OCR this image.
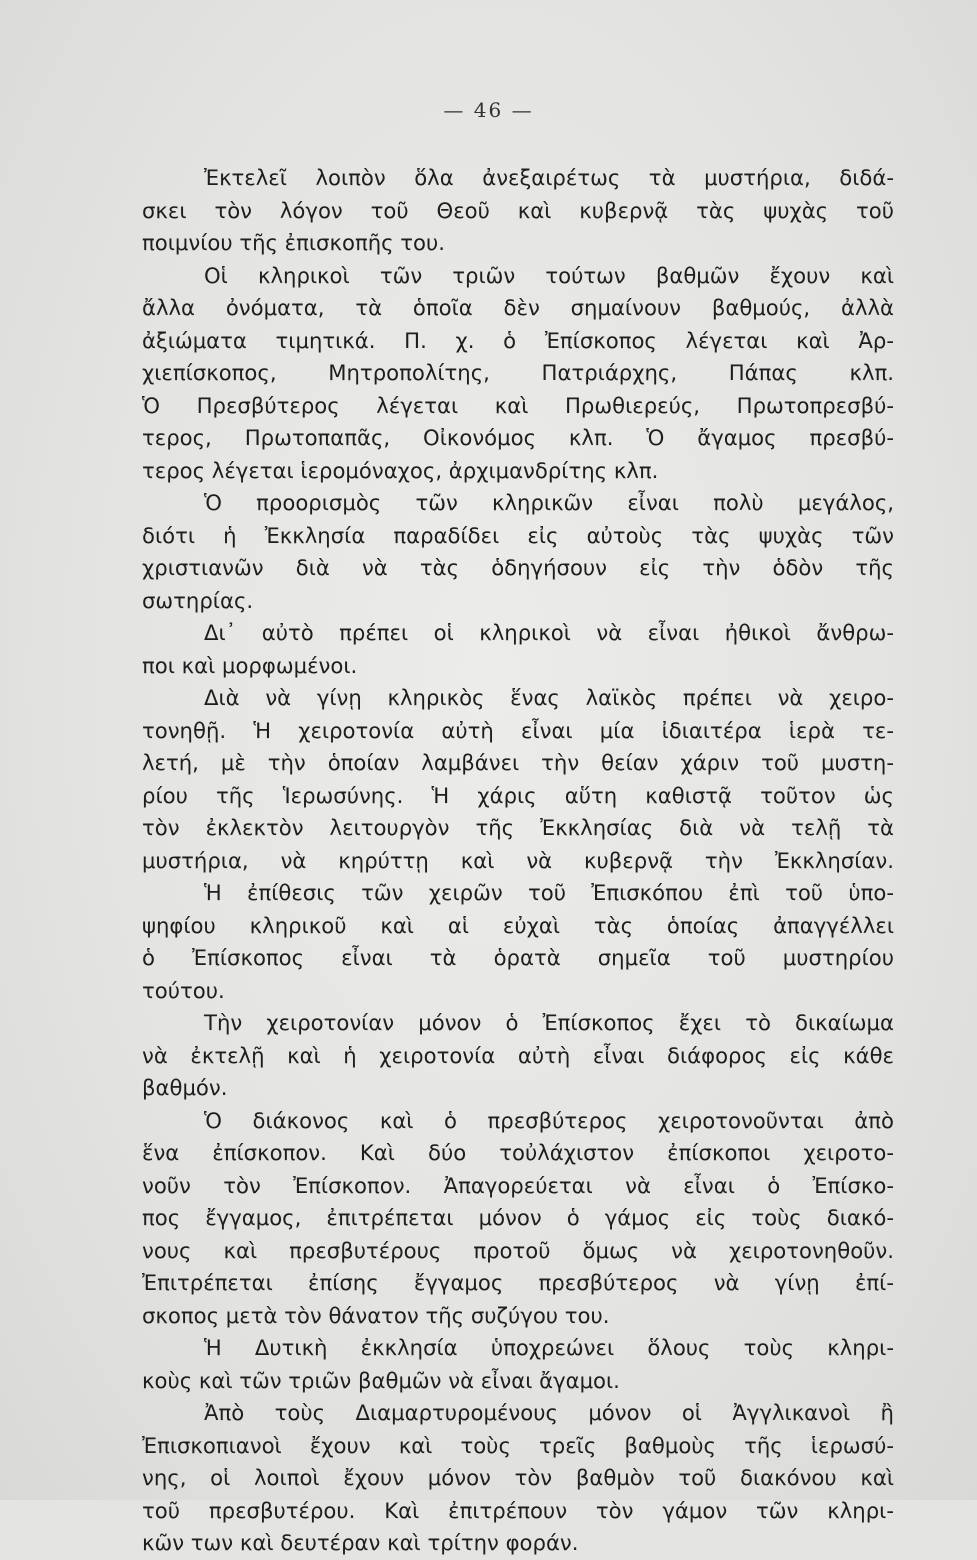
— 46 —
Ἐκτελεῖ λοιπὸν ὅλα ἀνεξαιρέτως τὰ μυστήρια, διδά-
σκει τὸν λόγον τοῦ Θεοῦ καὶ κυβερνᾷ τὰς ψυχὰς τοῦ
ποιμνίου τῆς ἐπισκοπῆς του.
Οἱ κληρικοὶ τῶν τριῶν τούτων βαθμῶν ἔχουν καὶ
ἄλλα ὀνόματα, τὰ ὁποῖα δὲν σημαίνουν βαθμούς, ἀλλὰ
ἀξιώματα τιμητικά. Π. χ. ὁ Ἐπίσκοπος λέγεται καὶ Ἀρ-
χιεπίσκοπος, Μητροπολίτης, Πατριάρχης, Πάπας κλπ.
Ὁ Πρεσβύτερος λέγεται καὶ Πρωθιερεύς, Πρωτοπρεσβύ-
τερος, Πρωτοπαπᾶς, Οἰκονόμος κλπ. Ὁ ἄγαμος πρεσβύ-
τερος λέγεται ἱερομόναχος, ἀρχιμανδρίτης κλπ.
Ὁ προορισμὸς τῶν κληρικῶν εἶναι πολὺ μεγάλος,
διότι ἡ Ἐκκλησία παραδίδει εἰς αὐτοὺς τὰς ψυχὰς τῶν
χριστιανῶν διὰ νὰ τὰς ὁδηγήσουν εἰς τὴν ὁδὸν τῆς
σωτηρίας.
Δι᾿ αὐτὸ πρέπει οἱ κληρικοὶ νὰ εἶναι ἠθικοὶ ἄνθρω-
ποι καὶ μορφωμένοι.
Διὰ νὰ γίνῃ κληρικὸς ἕνας λαϊκὸς πρέπει νὰ χειρο-
τονηθῇ. Ἡ χειροτονία αὐτὴ εἶναι μία ἰδιαιτέρα ἱερὰ τε-
λετή, μὲ τὴν ὁποίαν λαμβάνει τὴν θείαν χάριν τοῦ μυστη-
ρίου τῆς Ἱερωσύνης. Ἡ χάρις αὕτη καθιστᾷ τοῦτον ὡς
τὸν ἐκλεκτὸν λειτουργὸν τῆς Ἐκκλησίας διὰ νὰ τελῇ τὰ
μυστήρια, νὰ κηρύττῃ καὶ νὰ κυβερνᾷ τὴν Ἐκκλησίαν.
Ἡ ἐπίθεσις τῶν χειρῶν τοῦ Ἐπισκόπου ἐπὶ τοῦ ὑπο-
ψηφίου κληρικοῦ καὶ αἱ εὐχαὶ τὰς ὁποίας ἀπαγγέλλει
ὁ Ἐπίσκοπος εἶναι τὰ ὁρατὰ σημεῖα τοῦ μυστηρίου
τούτου.
Τὴν χειροτονίαν μόνον ὁ Ἐπίσκοπος ἔχει τὸ δικαίωμα
νὰ ἐκτελῇ καὶ ἡ χειροτονία αὐτὴ εἶναι διάφορος εἰς κάθε
βαθμόν.
Ὁ διάκονος καὶ ὁ πρεσβύτερος χειροτονοῦνται ἀπὸ
ἕνα ἐπίσκοπον. Καὶ δύο τοὐλάχιστον ἐπίσκοποι χειροτο-
νοῦν τὸν Ἐπίσκοπον. Ἀπαγορεύεται νὰ εἶναι ὁ Ἐπίσκο-
πος ἔγγαμος, ἐπιτρέπεται μόνον ὁ γάμος εἰς τοὺς διακό-
νους καὶ πρεσβυτέρους προτοῦ ὅμως νὰ χειροτονηθοῦν.
Ἐπιτρέπεται ἐπίσης ἔγγαμος πρεσβύτερος νὰ γίνῃ ἐπί-
σκοπος μετὰ τὸν θάνατον τῆς συζύγου του.
Ἡ Δυτικὴ ἐκκλησία ὑποχρεώνει ὅλους τοὺς κληρι-
κοὺς καὶ τῶν τριῶν βαθμῶν νὰ εἶναι ἄγαμοι.
Ἀπὸ τοὺς Διαμαρτυρομένους μόνον οἱ Ἀγγλικανοὶ ἢ
Ἐπισκοπιανοὶ ἔχουν καὶ τοὺς τρεῖς βαθμοὺς τῆς ἱερωσύ-
νης, οἱ λοιποὶ ἔχουν μόνον τὸν βαθμὸν τοῦ διακόνου καὶ
τοῦ πρεσβυτέρου. Καὶ ἐπιτρέπουν τὸν γάμον τῶν κληρι-
κῶν των καὶ δευτέραν καὶ τρίτην φοράν.
